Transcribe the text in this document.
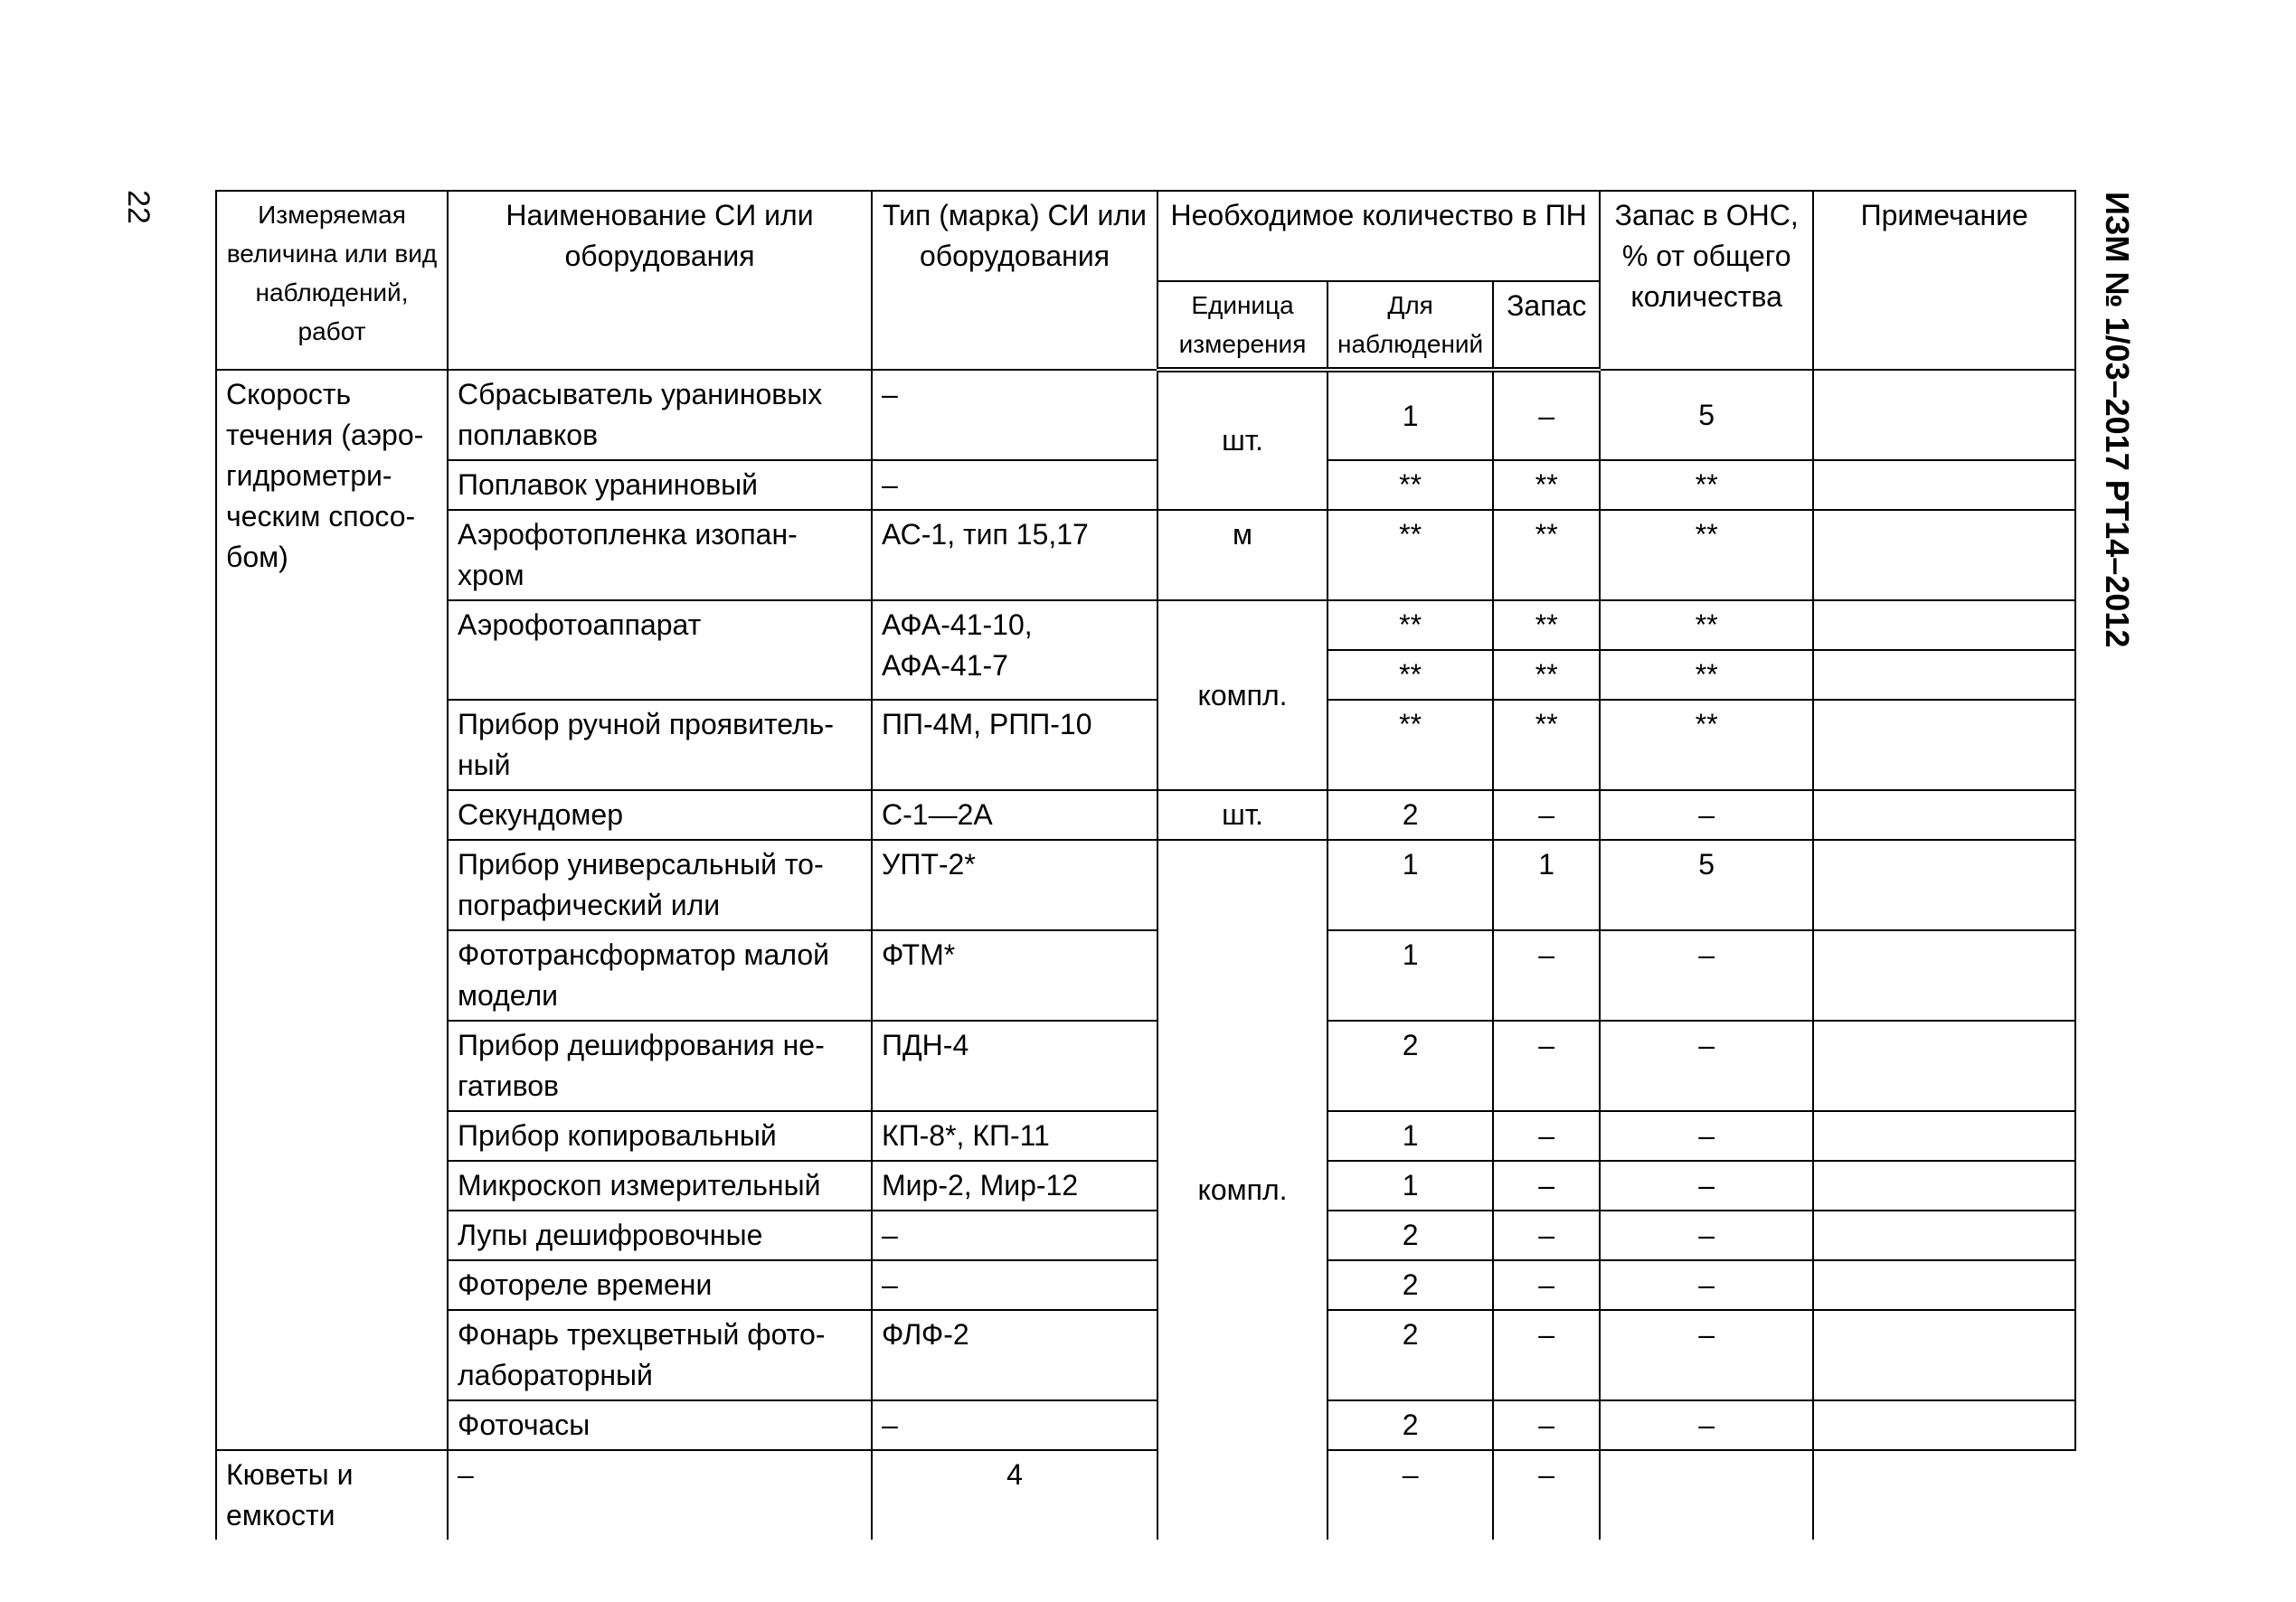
22	ИЗМ № 1/03–2017 РТ14–2012
Измеряемая величина или вид наблюдений, работ	Наименование СИ или оборудования	Тип (марка) СИ или оборудования	Необходимое количество в ПН			Запас в ОНС, % от общего количества	Примечание
			Единица измерения	Для наблюдений	Запас		
Скорость течения (аэро-гидрометри-ческим спосо-бом)	Сбрасыватель ураниновых поплавков	–	шт.	1	–	5	
	Поплавок ураниновый	–		**	**	**	
	Аэрофотопленка изопан-хром	АС-1, тип 15,17	м	**	**	**	
	Аэрофотоаппарат	АФА-41-10, АФА-41-7	компл.	**	**	**	
				**	**	**	
	Прибор ручной проявитель-ный	ПП-4М, РПП-10		**	**	**	
	Секундомер	С-1—2А	шт.	2	–	–	
	Прибор универсальный то-пографический или	УПТ-2*	компл.	1	1	5	
	Фототрансформатор малой модели	ФТМ*		1	–	–	
	Прибор дешифрования не-гативов	ПДН-4		2	–	–	
	Прибор копировальный	КП-8*, КП-11		1	–	–	
	Микроскоп измерительный	Мир-2, Мир-12		1	–	–	
	Лупы дешифровочные	–		2	–	–	
	Фотореле времени	–		2	–	–	
	Фонарь трехцветный фото-лабораторный	ФЛФ-2		2	–	–	
	Фоточасы	–		2	–	–	
Кюветы и емкости	–	4		–	–		
